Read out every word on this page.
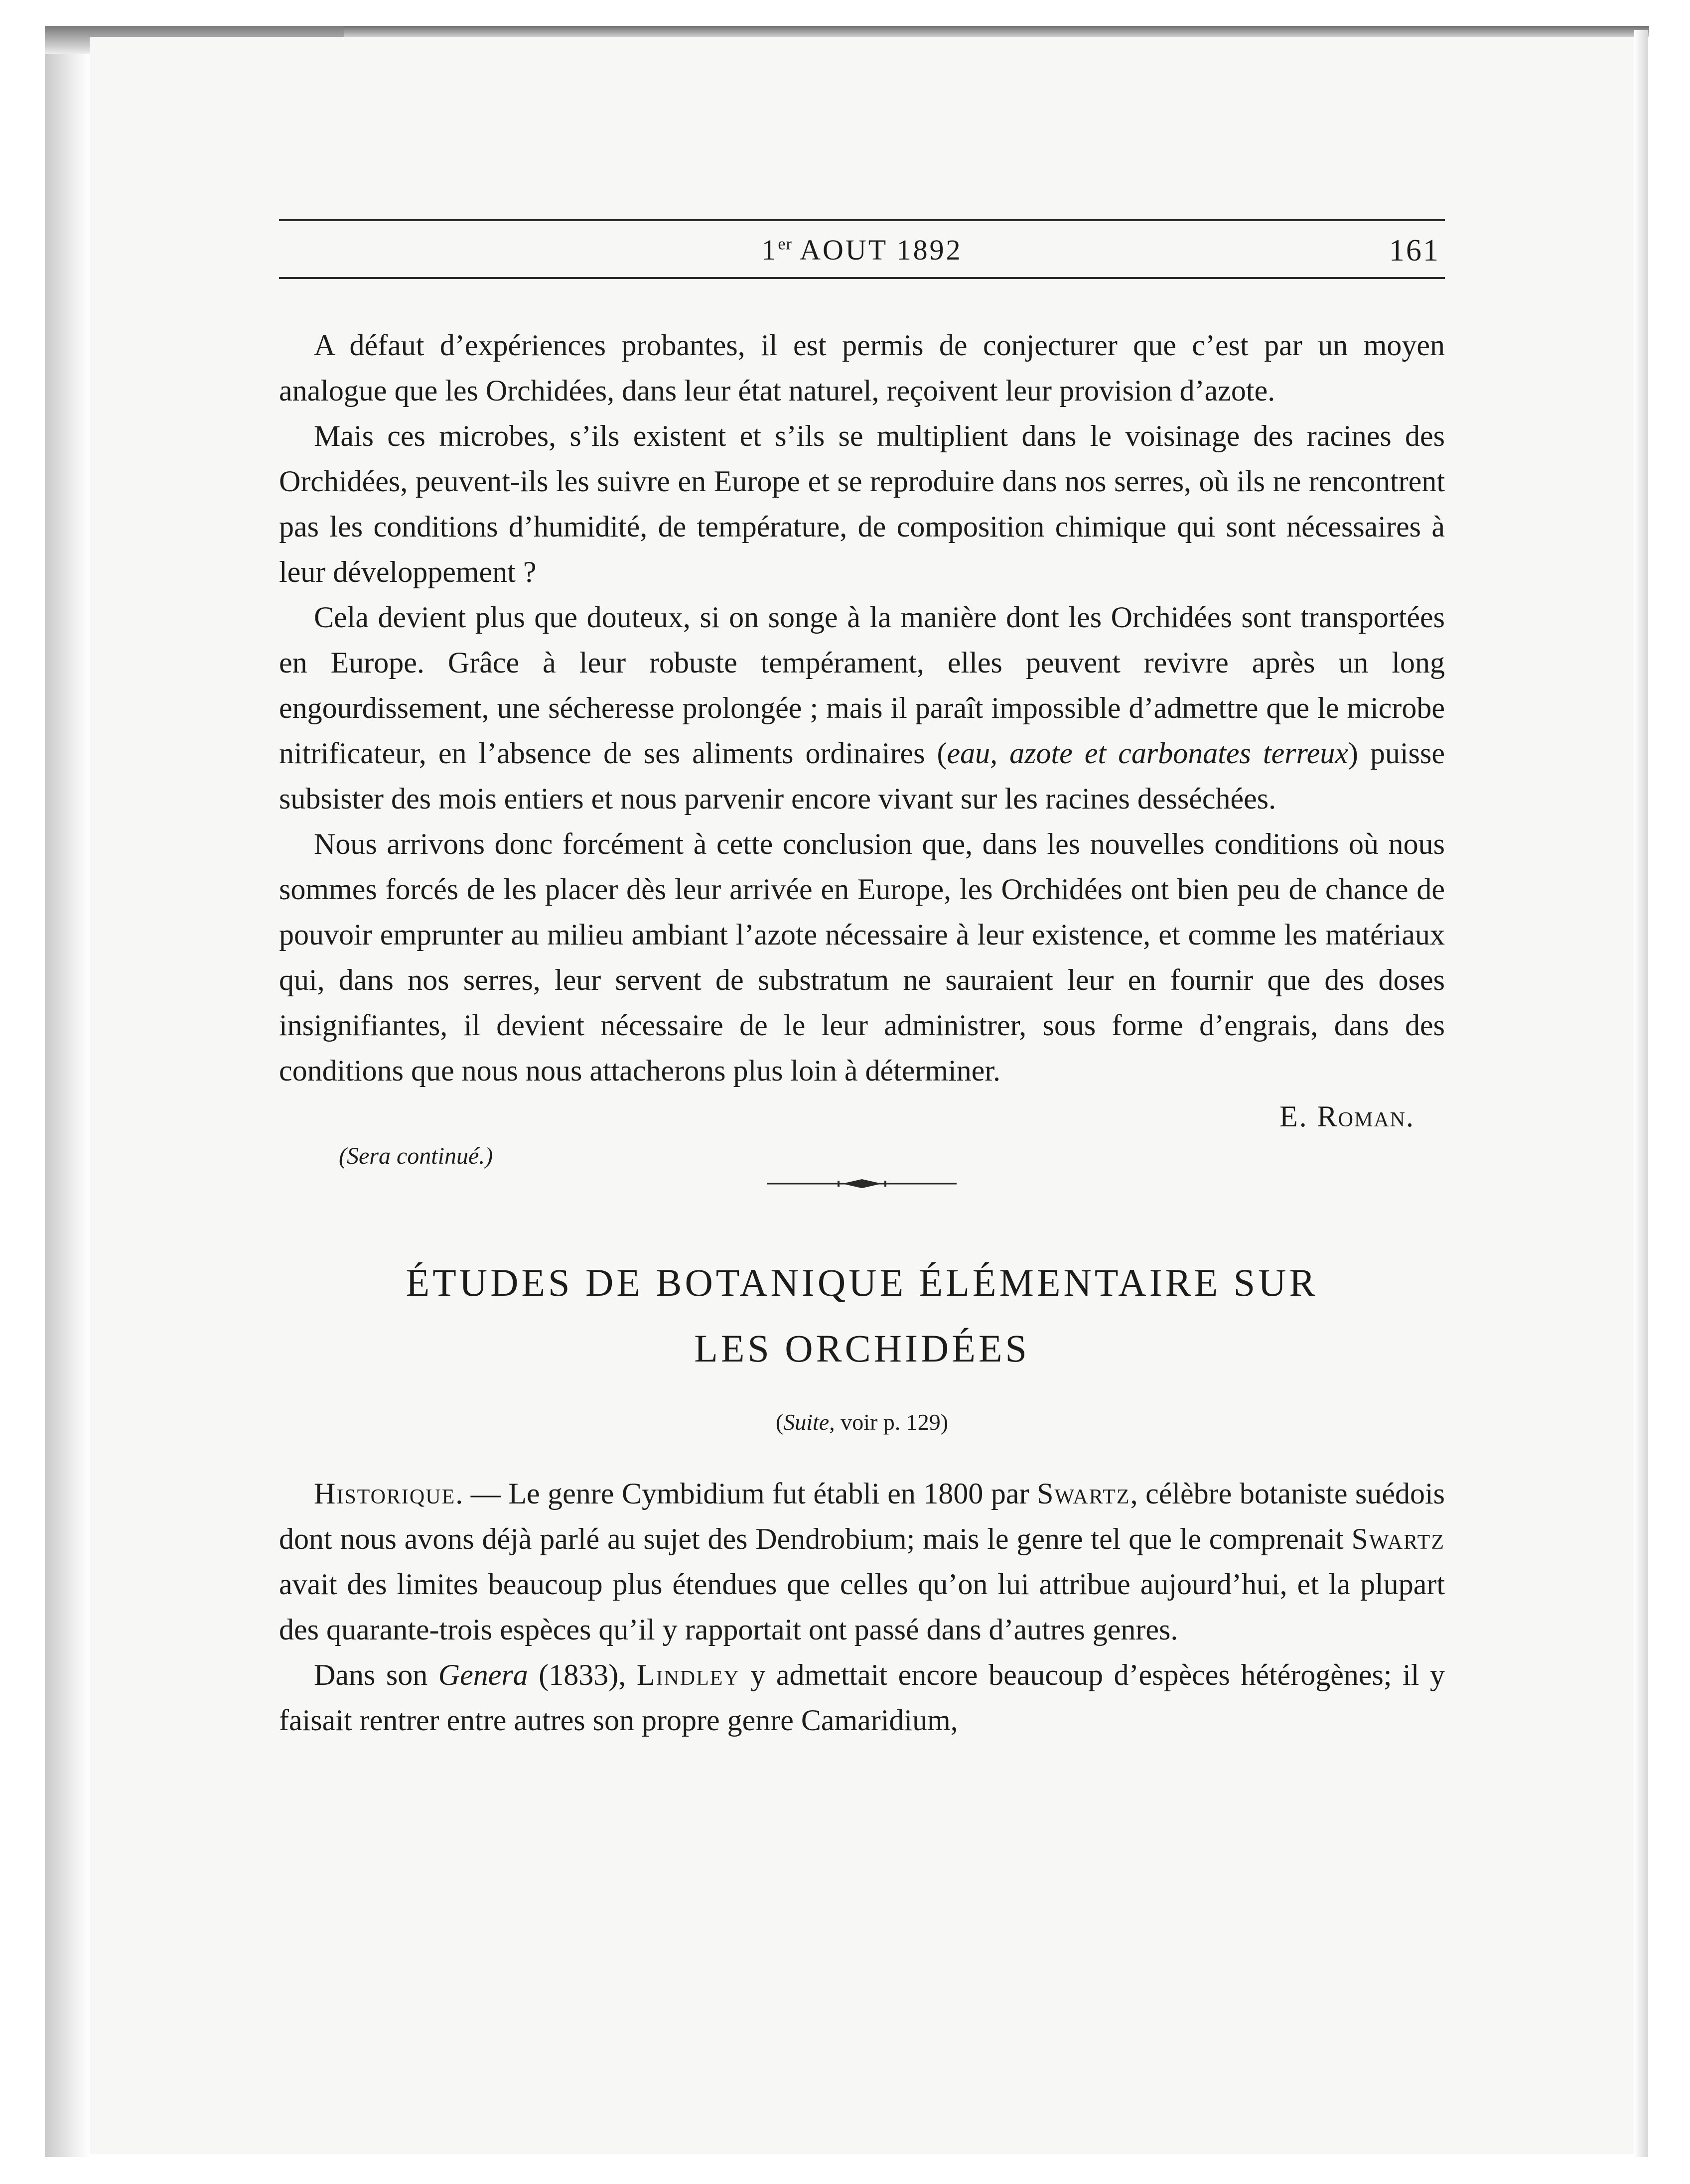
1er AOUT 1892	161

A défaut d’expériences probantes, il est permis de conjecturer que c’est par un moyen analogue que les Orchidées, dans leur état naturel, reçoivent leur provision d’azote.

Mais ces microbes, s’ils existent et s’ils se multiplient dans le voisinage des racines des Orchidées, peuvent-ils les suivre en Europe et se reproduire dans nos serres, où ils ne rencontrent pas les conditions d’humidité, de température, de composition chimique qui sont nécessaires à leur développement ?

Cela devient plus que douteux, si on songe à la manière dont les Orchidées sont transportées en Europe. Grâce à leur robuste tempérament, elles peuvent revivre après un long engourdissement, une sécheresse prolongée ; mais il paraît impossible d’admettre que le microbe nitrificateur, en l’absence de ses aliments ordinaires (eau, azote et carbonates terreux) puisse subsister des mois entiers et nous parvenir encore vivant sur les racines desséchées.

Nous arrivons donc forcément à cette conclusion que, dans les nouvelles conditions où nous sommes forcés de les placer dès leur arrivée en Europe, les Orchidées ont bien peu de chance de pouvoir emprunter au milieu ambiant l’azote nécessaire à leur existence, et comme les matériaux qui, dans nos serres, leur servent de substratum ne sauraient leur en fournir que des doses insignifiantes, il devient nécessaire de le leur administrer, sous forme d’engrais, dans des conditions que nous nous attacherons plus loin à déterminer.

E. Roman.
(Sera continué.)
ÉTUDES DE BOTANIQUE ÉLÉMENTAIRE SUR
LES ORCHIDÉES
(Suite, voir p. 129)

Historique. — Le genre Cymbidium fut établi en 1800 par Swartz, célèbre botaniste suédois dont nous avons déjà parlé au sujet des Dendrobium; mais le genre tel que le comprenait Swartz avait des limites beaucoup plus étendues que celles qu’on lui attribue aujourd’hui, et la plupart des quarante-trois espèces qu’il y rapportait ont passé dans d’autres genres.

Dans son Genera (1833), Lindley y admettait encore beaucoup d’espèces hétérogènes; il y faisait rentrer entre autres son propre genre Camaridium,
